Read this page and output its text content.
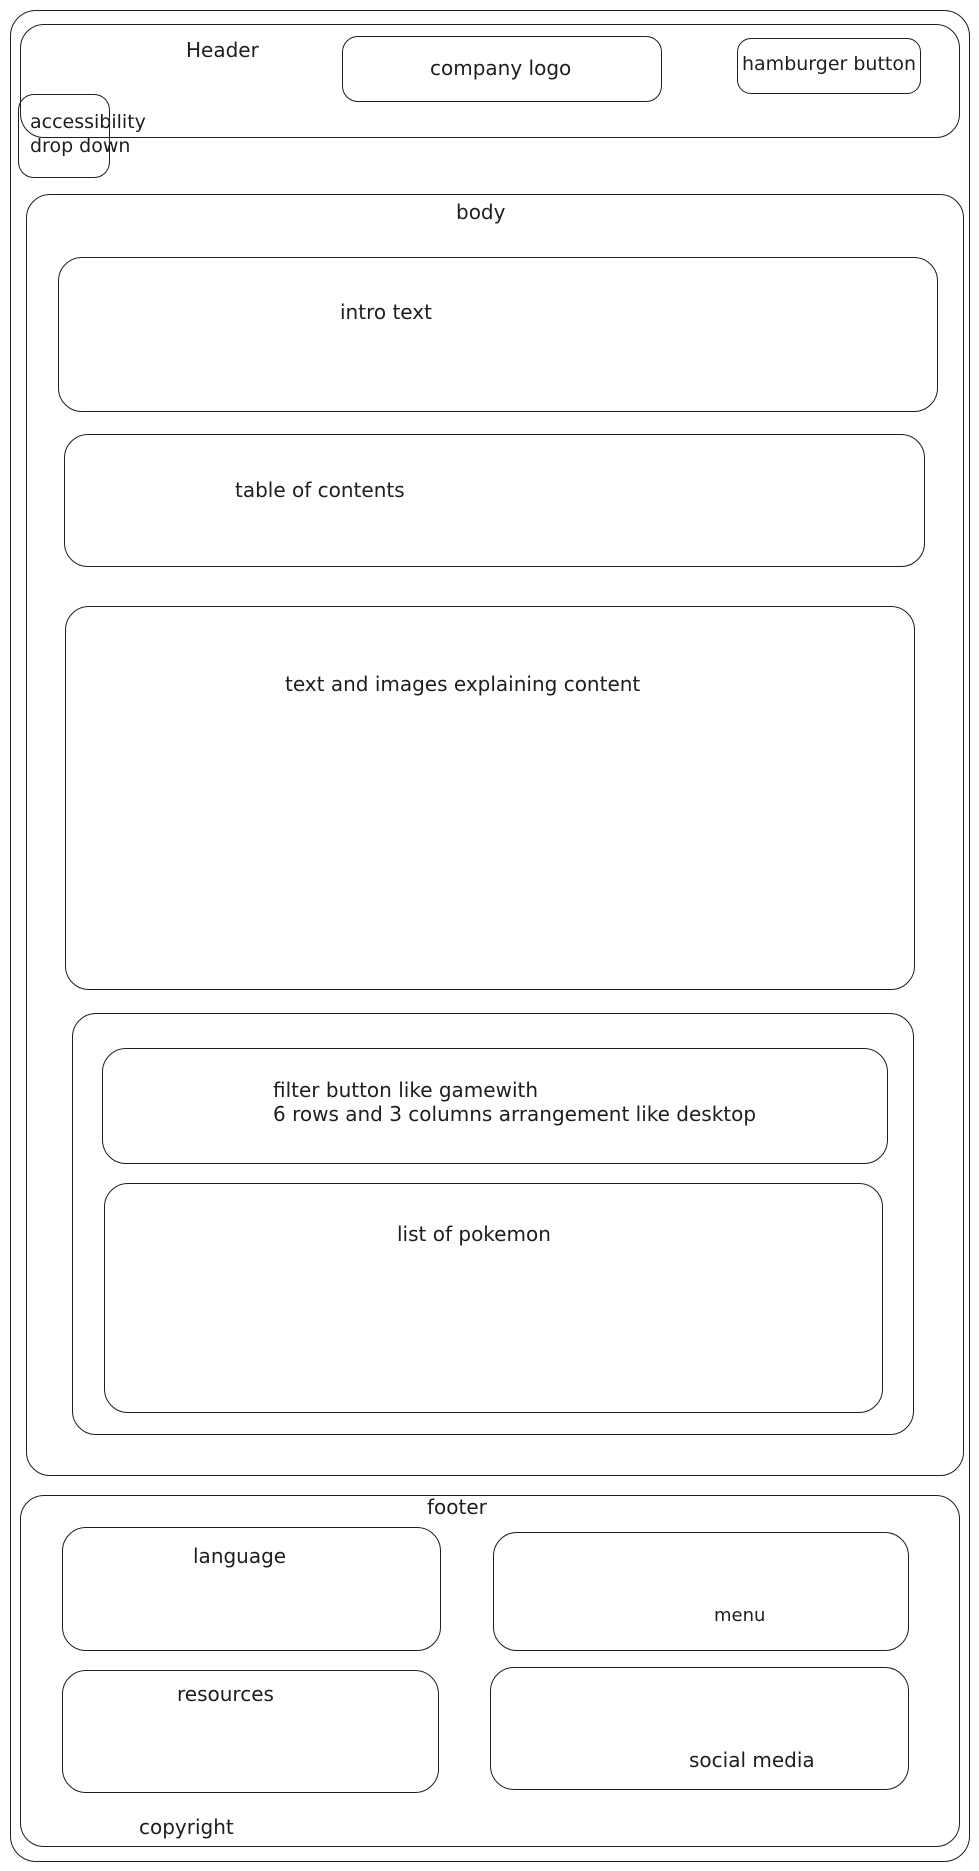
Header
company logo	hamburger button
accessibility
drop down
body
intro text
table of contents
text and images explaining content
filter button like gamewith
6 rows and 3 columns arrangement like desktop
list of pokemon
footer
language
menu
resources
social media
copyright
